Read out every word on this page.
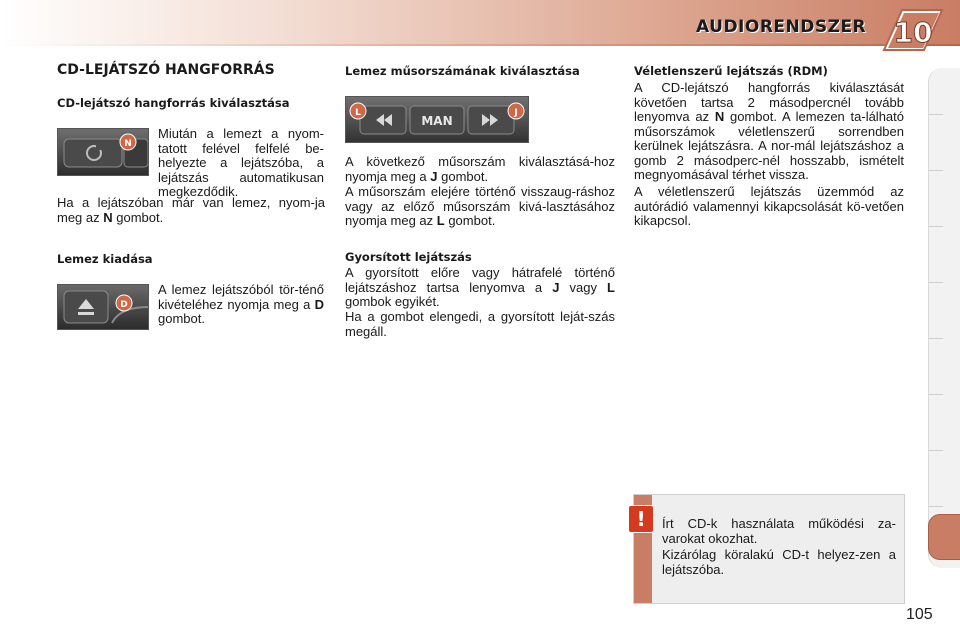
AUDIORENDSZER 10
CD-LEJÁTSZÓ HANGFORRÁS
CD-lejátszó hangforrás kiválasztása
N
Miután a lemezt a nyom-tatott felével felfelé be-helyezte a lejátszóba, a lejátszás automatikusan megkezdődik.

Ha a lejátszóban már van lemez, nyom-ja meg az N gombot.

Lemez kiadása
D

A lemez lejátszóból tör-ténő kivételéhez nyomja meg a D gombot.

Lemez műsorszámának kiválasztása
MAN
L	J

A következő műsorszám kiválasztásá-hoz nyomja meg a J gombot.

A műsorszám elejére történő visszaug-ráshoz vagy az előző műsorszám kivá-lasztásához nyomja meg az L gombot.

Gyorsított lejátszás

A gyorsított előre vagy hátrafelé történő lejátszáshoz tartsa lenyomva a J vagy L gombok egyikét.

Ha a gombot elengedi, a gyorsított leját-szás megáll.
Véletlenszerű lejátszás (RDM)

A CD-lejátszó hangforrás kiválasztását követően tartsa 2 másodpercnél tovább lenyomva az N gombot. A lemezen ta-lálható műsorszámok véletlenszerű sorrendben kerülnek lejátszásra. A nor-mál lejátszáshoz a gomb 2 másodperc-nél hosszabb, ismételt megnyomásával térhet vissza.

A véletlenszerű lejátszás üzemmód az autórádió valamennyi kikapcsolását kö-vetően kikapcsol.
Írt CD-k használata működési za-varokat okozhat.
Kizárólag köralakú CD-t helyez-zen a lejátszóba.
!
105
